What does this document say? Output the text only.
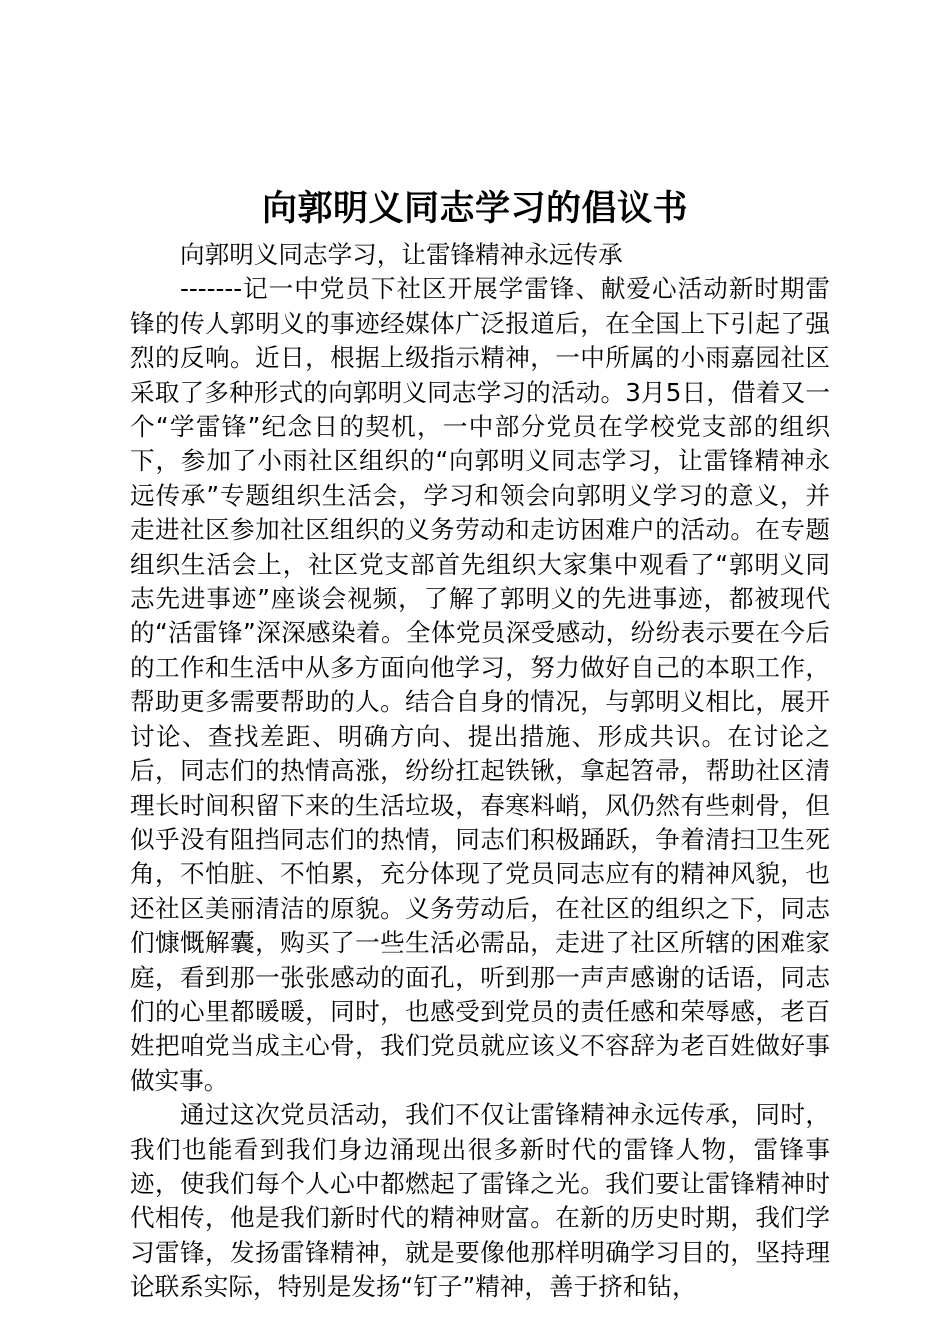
向郭明义同志学习的倡议书

向郭明义同志学习，让雷锋精神永远传承

-------记一中党员下社区开展学雷锋、献爱心活动新时期雷锋的传人郭明义的事迹经媒体广泛报道后，在全国上下引起了强烈的反响。近日，根据上级指示精神，一中所属的小雨嘉园社区采取了多种形式的向郭明义同志学习的活动。3月5日，借着又一个“学雷锋”纪念日的契机，一中部分党员在学校党支部的组织下，参加了小雨社区组织的“向郭明义同志学习，让雷锋精神永远传承”专题组织生活会，学习和领会向郭明义学习的意义，并走进社区参加社区组织的义务劳动和走访困难户的活动。在专题组织生活会上，社区党支部首先组织大家集中观看了“郭明义同志先进事迹”座谈会视频，了解了郭明义的先进事迹，都被现代的“活雷锋”深深感染着。全体党员深受感动，纷纷表示要在今后的工作和生活中从多方面向他学习，努力做好自己的本职工作，帮助更多需要帮助的人。结合自身的情况，与郭明义相比，展开讨论、查找差距、明确方向、提出措施、形成共识。在讨论之后，同志们的热情高涨，纷纷扛起铁锹，拿起笤帚，帮助社区清理长时间积留下来的生活垃圾，春寒料峭，风仍然有些刺骨，但似乎没有阻挡同志们的热情，同志们积极踊跃，争着清扫卫生死角，不怕脏、不怕累，充分体现了党员同志应有的精神风貌，也还社区美丽清洁的原貌。义务劳动后，在社区的组织之下，同志们慷慨解囊，购买了一些生活必需品，走进了社区所辖的困难家庭，看到那一张张感动的面孔，听到那一声声感谢的话语，同志们的心里都暖暖，同时，也感受到党员的责任感和荣辱感，老百姓把咱党当成主心骨，我们党员就应该义不容辞为老百姓做好事做实事。

通过这次党员活动，我们不仅让雷锋精神永远传承，同时，我们也能看到我们身边涌现出很多新时代的雷锋人物，雷锋事迹，使我们每个人心中都燃起了雷锋之光。我们要让雷锋精神时代相传，他是我们新时代的精神财富。在新的历史时期，我们学习雷锋，发扬雷锋精神，就是要像他那样明确学习目的，坚持理论联系实际，特别是发扬“钉子”精神，善于挤和钻，
